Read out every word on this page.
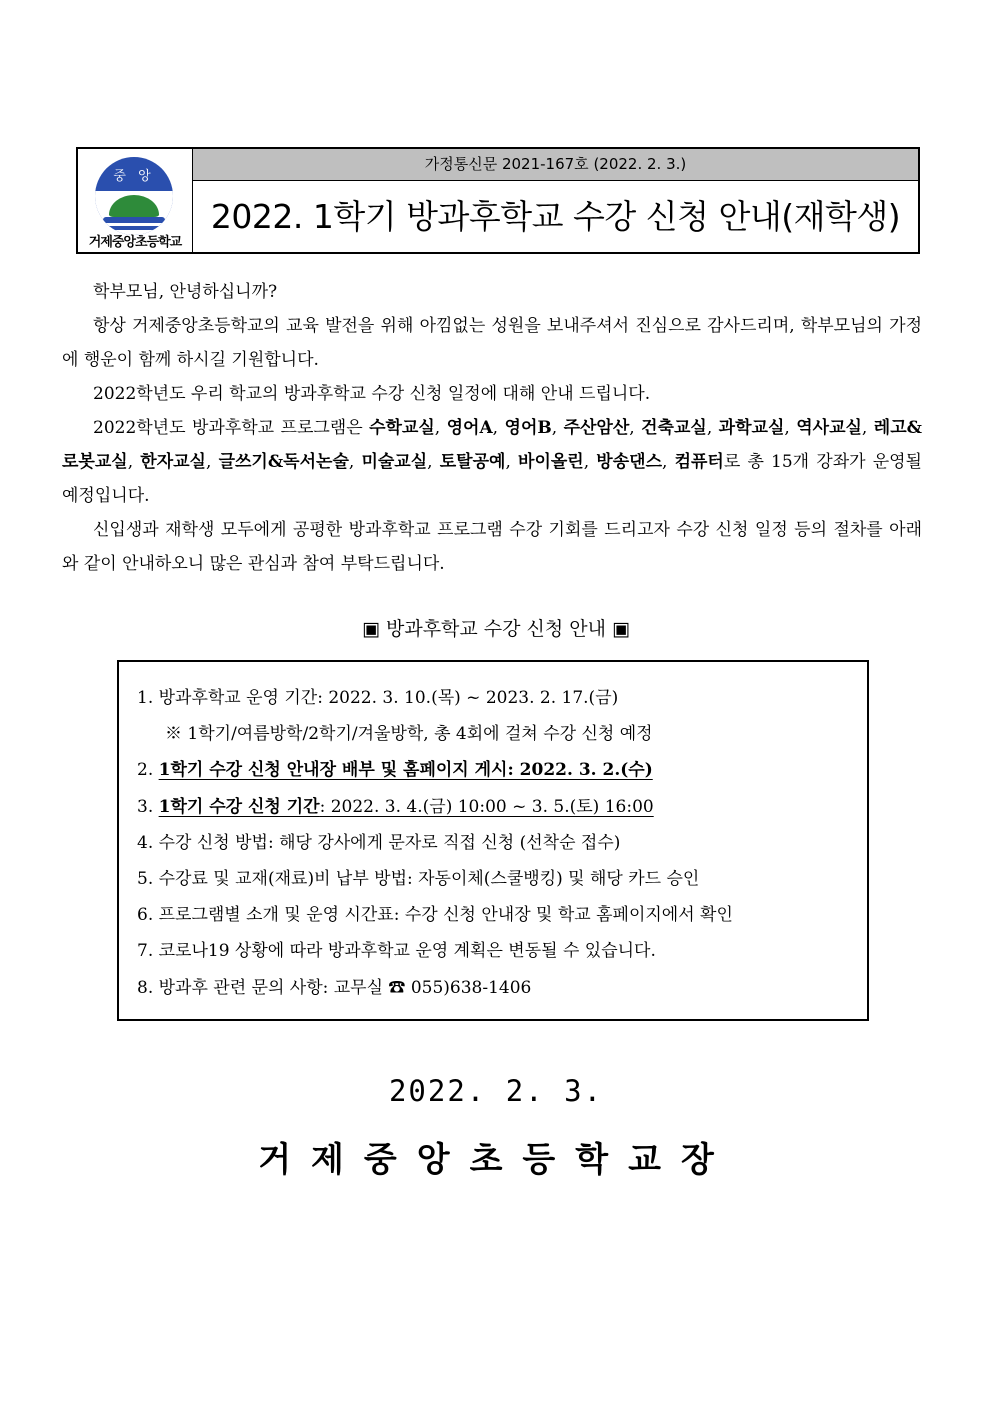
중 앙
거제중앙초등학교
가정통신문 2021-167호 (2022. 2. 3.)
2022. 1학기 방과후학교 수강 신청 안내(재학생)

학부모님, 안녕하십니까?

항상 거제중앙초등학교의 교육 발전을 위해 아낌없는 성원을 보내주셔서 진심으로 감사드리며, 학부모님의 가정에 행운이 함께 하시길 기원합니다.

2022학년도 우리 학교의 방과후학교 수강 신청 일정에 대해 안내 드립니다.

2022학년도 방과후학교 프로그램은 수학교실, 영어A, 영어B, 주산암산, 건축교실, 과학교실, 역사교실, 레고&로봇교실, 한자교실, 글쓰기&독서논술, 미술교실, 토탈공예, 바이올린, 방송댄스, 컴퓨터로 총 15개 강좌가 운영될 예정입니다.

신입생과 재학생 모두에게 공평한 방과후학교 프로그램 수강 기회를 드리고자 수강 신청 일정 등의 절차를 아래와 같이 안내하오니 많은 관심과 참여 부탁드립니다.

▣ 방과후학교 수강 신청 안내 ▣
1. 방과후학교 운영 기간: 2022. 3. 10.(목) ~ 2023. 2. 17.(금)
※ 1학기/여름방학/2학기/겨울방학, 총 4회에 걸쳐 수강 신청 예정
2. 1학기 수강 신청 안내장 배부 및 홈페이지 게시: 2022. 3. 2.(수)
3. 1학기 수강 신청 기간: 2022. 3. 4.(금) 10:00 ~ 3. 5.(토) 16:00
4. 수강 신청 방법: 해당 강사에게 문자로 직접 신청 (선착순 접수)
5. 수강료 및 교재(재료)비 납부 방법: 자동이체(스쿨뱅킹) 및 해당 카드 승인
6. 프로그램별 소개 및 운영 시간표: 수강 신청 안내장 및 학교 홈페이지에서 확인
7. 코로나19 상황에 따라 방과후학교 운영 계획은 변동될 수 있습니다.
8. 방과후 관련 문의 사항: 교무실 ☎ 055)638-1406
2022. 2. 3.
거제중앙초등학교장
